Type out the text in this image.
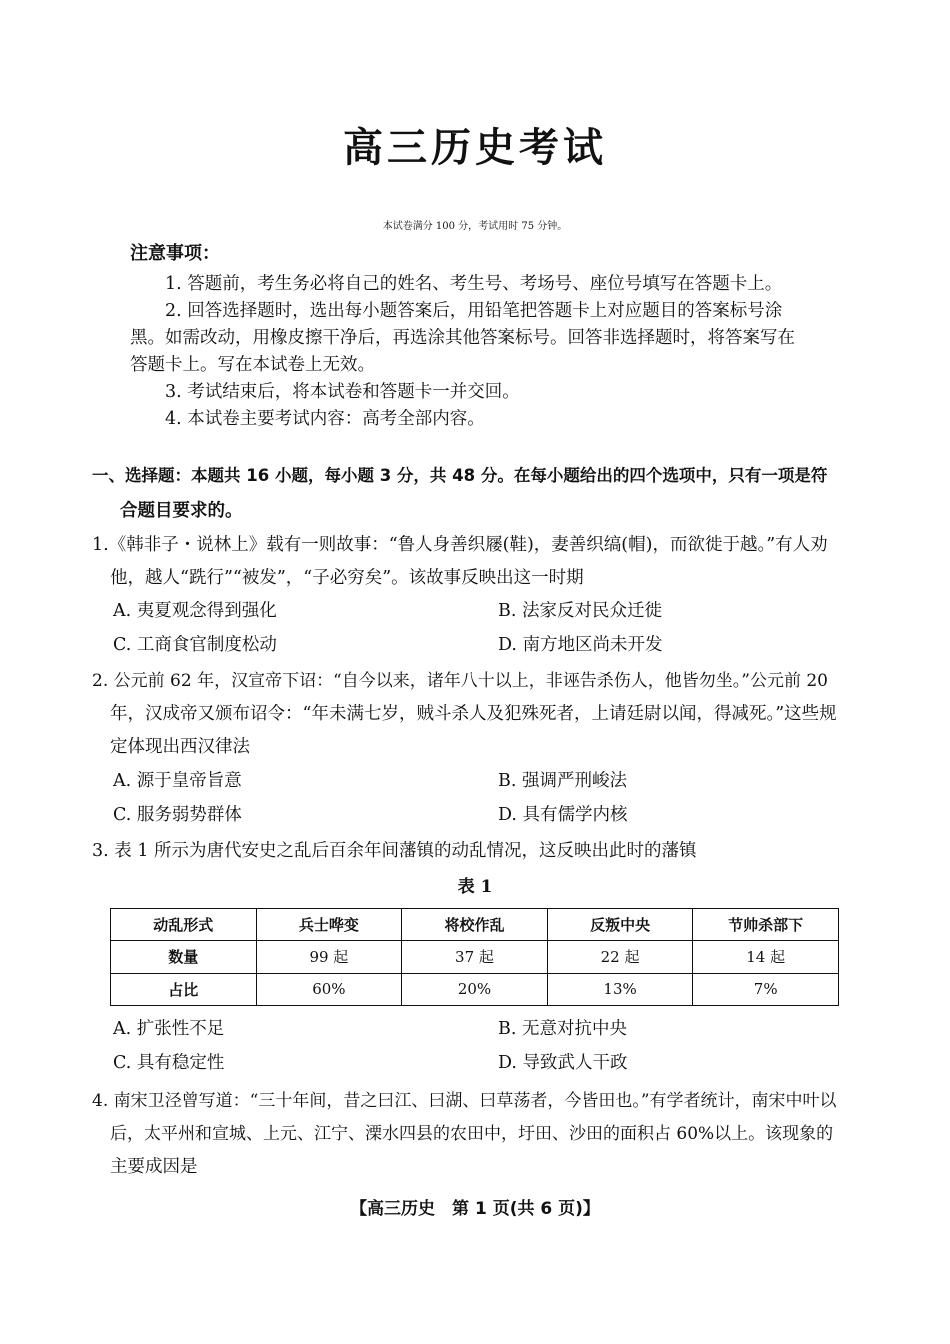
高三历史考试
本试卷满分 100 分，考试用时 75 分钟。
注意事项：
1. 答题前，考生务必将自己的姓名、考生号、考场号、座位号填写在答题卡上。
2. 回答选择题时，选出每小题答案后，用铅笔把答题卡上对应题目的答案标号涂
黑。如需改动，用橡皮擦干净后，再选涂其他答案标号。回答非选择题时，将答案写在
答题卡上。写在本试卷上无效。
3. 考试结束后，将本试卷和答题卡一并交回。
4. 本试卷主要考试内容：高考全部内容。
一、选择题：本题共 16 小题，每小题 3 分，共 48 分。在每小题给出的四个选项中，只有一项是符
合题目要求的。
1.《韩非子・说林上》载有一则故事：“鲁人身善织屦(鞋)，妻善织缟(帽)，而欲徙于越。”有人劝
他，越人“跣行”“被发”，“子必穷矣”。该故事反映出这一时期
A. 夷夏观念得到强化	B. 法家反对民众迁徙
C. 工商食官制度松动	D. 南方地区尚未开发
2. 公元前 62 年，汉宣帝下诏：“自今以来，诸年八十以上，非诬告杀伤人，他皆勿坐。”公元前 20
年，汉成帝又颁布诏令：“年未满七岁，贼斗杀人及犯殊死者，上请廷尉以闻，得减死。”这些规
定体现出西汉律法
A. 源于皇帝旨意	B. 强调严刑峻法
C. 服务弱势群体	D. 具有儒学内核
3. 表 1 所示为唐代安史之乱后百余年间藩镇的动乱情况，这反映出此时的藩镇
表 1
动乱形式	兵士哗变	将校作乱	反叛中央	节帅杀部下
数量	99 起	37 起	22 起	14 起
占比	60%	20%	13%	7%
A. 扩张性不足	B. 无意对抗中央
C. 具有稳定性	D. 导致武人干政
4. 南宋卫泾曾写道：“三十年间，昔之曰江、曰湖、曰草荡者，今皆田也。”有学者统计，南宋中叶以
后，太平州和宣城、上元、江宁、溧水四县的农田中，圩田、沙田的面积占 60%以上。该现象的
主要成因是
【高三历史　第 1 页(共 6 页)】
